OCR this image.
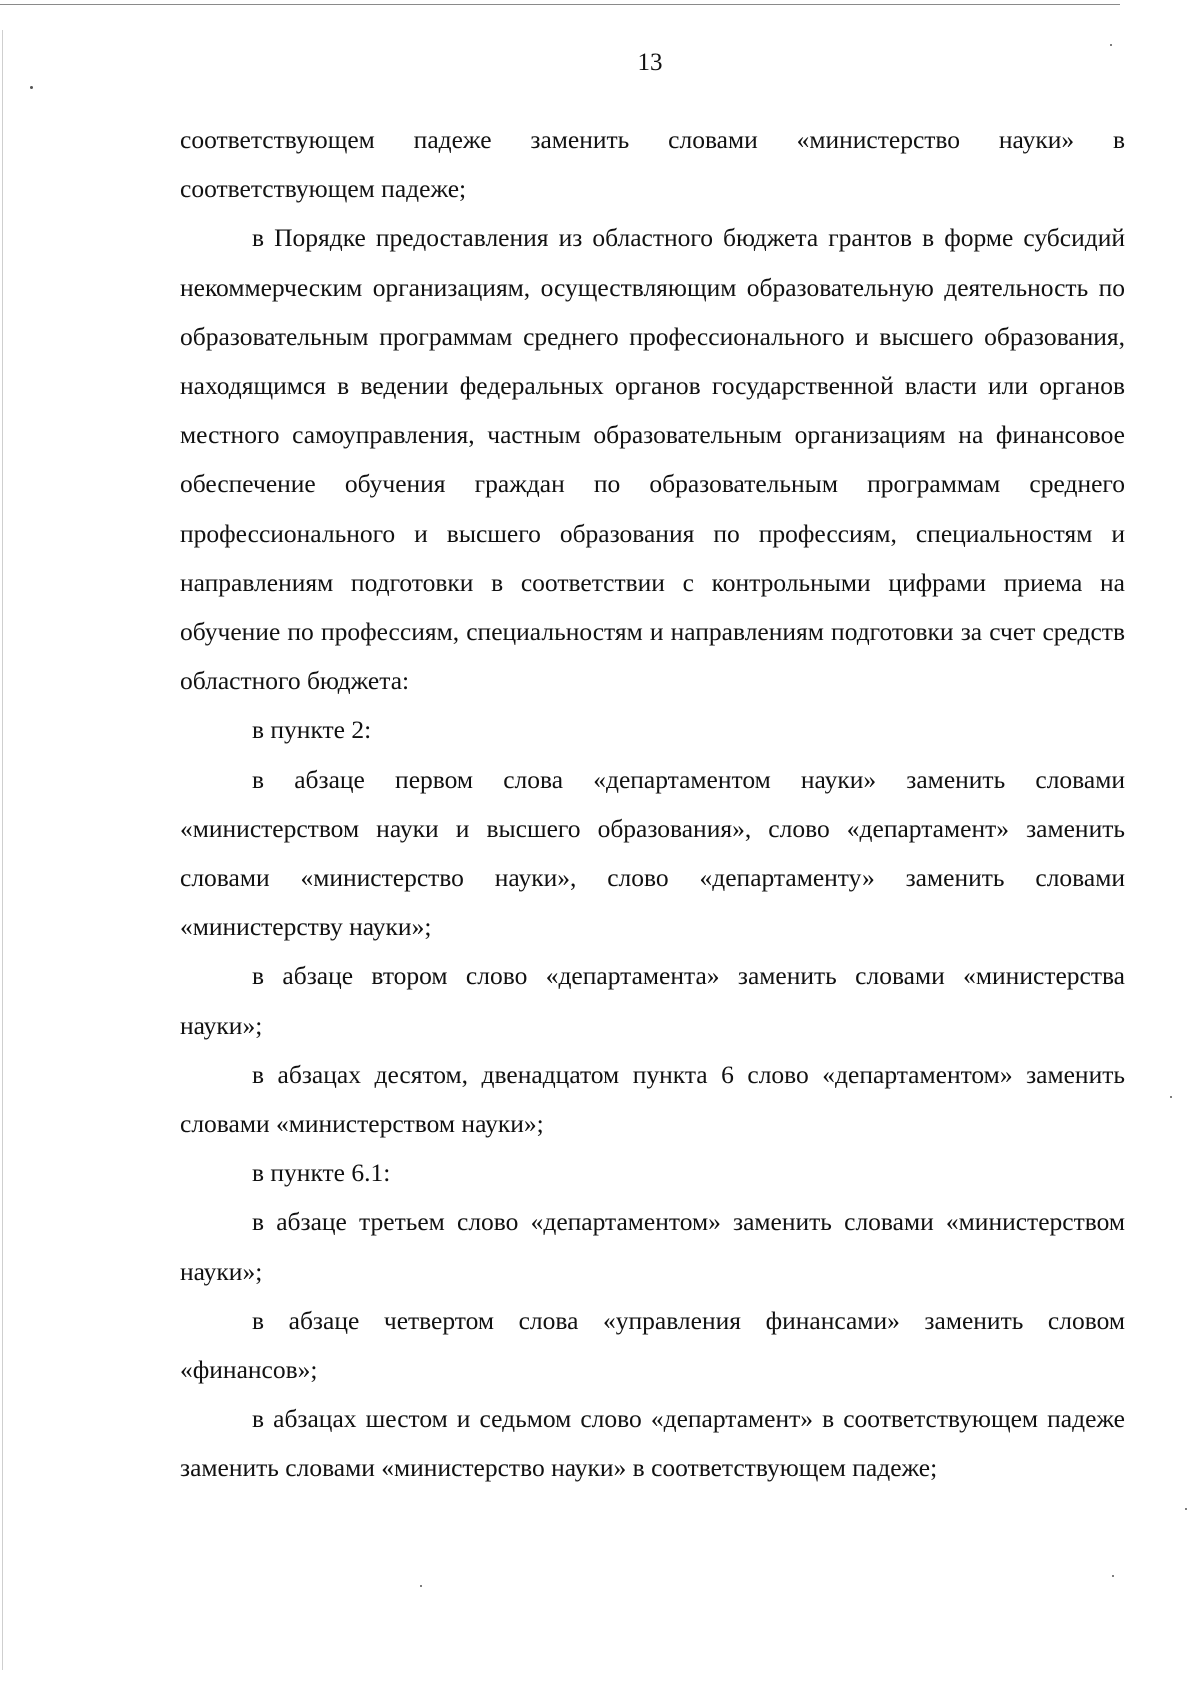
13

соответствующем падеже заменить словами «министерство науки» в соответствующем падеже;

в Порядке предоставления из областного бюджета грантов в форме субсидий некоммерческим организациям, осуществляющим образовательную деятельность по образовательным программам среднего профессионального и высшего образования, находящимся в ведении федеральных органов государственной власти или органов местного самоуправления, частным образовательным организациям на финансовое обеспечение обучения граждан по образовательным программам среднего профессионального и высшего образования по профессиям, специальностям и направлениям подготовки в соответствии с контрольными цифрами приема на обучение по профессиям, специальностям и направлениям подготовки за счет средств областного бюджета:

в пункте 2:

в абзаце первом слова «департаментом науки» заменить словами «министерством науки и высшего образования», слово «департамент» заменить словами «министерство науки», слово «департаменту» заменить словами «министерству науки»;

в абзаце втором слово «департамента» заменить словами «министерства науки»;

в абзацах десятом, двенадцатом пункта 6 слово «департаментом» заменить словами «министерством науки»;

в пункте 6.1:

в абзаце третьем слово «департаментом» заменить словами «министерством науки»;

в абзаце четвертом слова «управления финансами» заменить словом «финансов»;

в абзацах шестом и седьмом слово «департамент» в соответствующем падеже заменить словами «министерство науки» в соответствующем падеже;
